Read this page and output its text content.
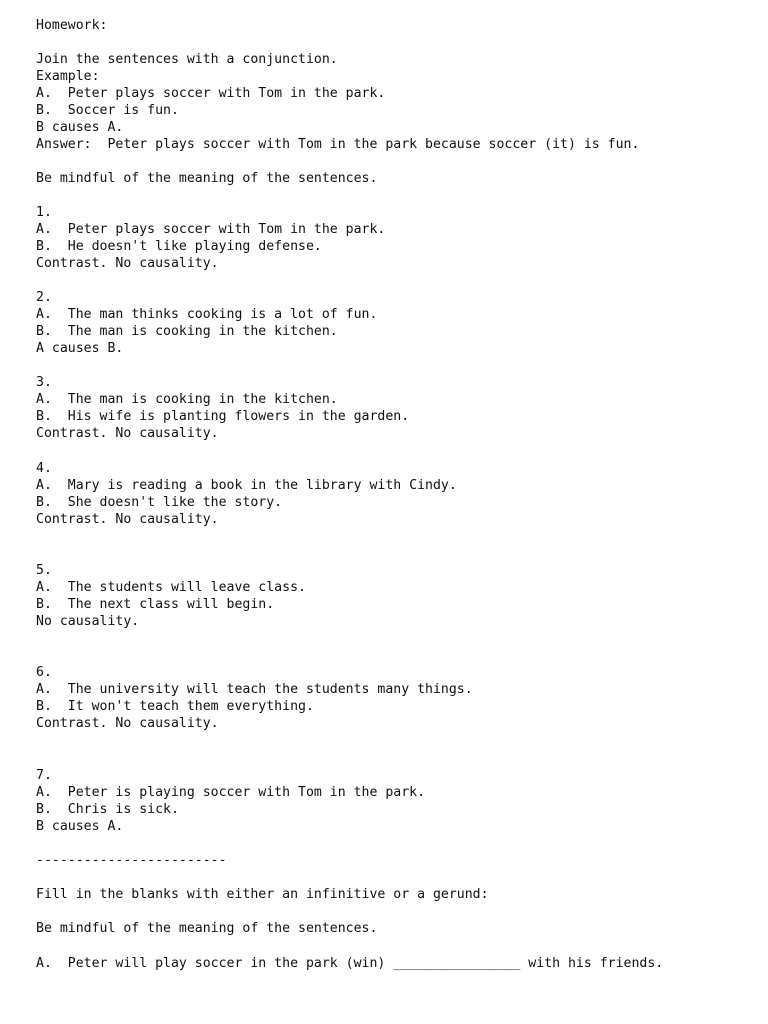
Homework:

Join the sentences with a conjunction.

Example:

A.  Peter plays soccer with Tom in the park.

B.  Soccer is fun.

B causes A.

Answer:  Peter plays soccer with Tom in the park because soccer (it) is fun.

Be mindful of the meaning of the sentences.

1.

A.  Peter plays soccer with Tom in the park.

B.  He doesn't like playing defense.

Contrast. No causality.

2.

A.  The man thinks cooking is a lot of fun.

B.  The man is cooking in the kitchen.

A causes B.

3.

A.  The man is cooking in the kitchen.

B.  His wife is planting flowers in the garden.

Contrast. No causality.

4.

A.  Mary is reading a book in the library with Cindy.

B.  She doesn't like the story.

Contrast. No causality.

5.

A.  The students will leave class.

B.  The next class will begin.

No causality.

6.

A.  The university will teach the students many things.

B.  It won't teach them everything.

Contrast. No causality.

7.

A.  Peter is playing soccer with Tom in the park.

B.  Chris is sick.

B causes A.

------------------------

Fill in the blanks with either an infinitive or a gerund:

Be mindful of the meaning of the sentences.

A.  Peter will play soccer in the park (win) ________________ with his friends.
